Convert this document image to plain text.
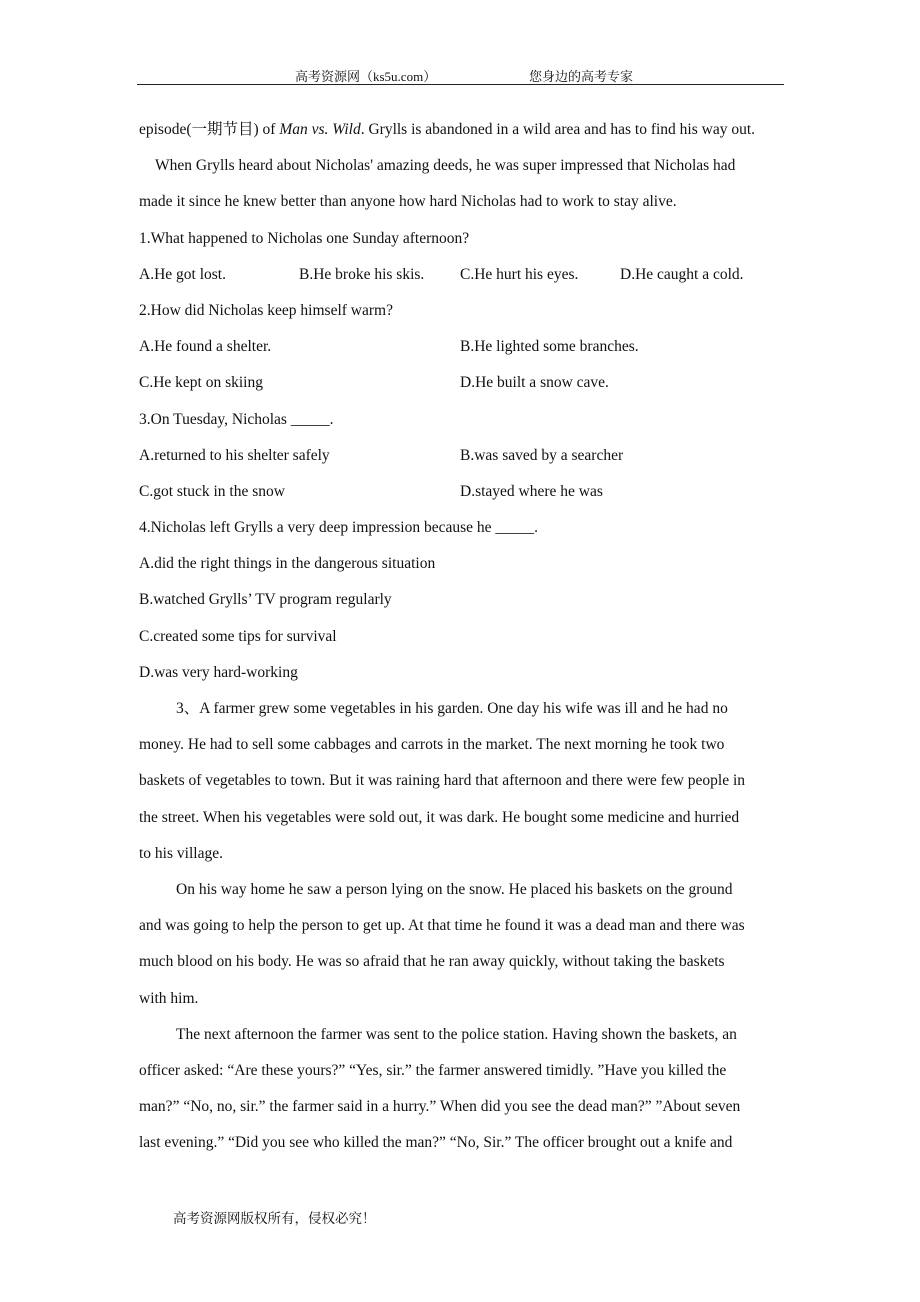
高考资源网（ks5u.com）	您身边的高考专家
episode(一期节目) of Man vs. Wild. Grylls is abandoned in a wild area and has to find his way out.
When Grylls heard about Nicholas' amazing deeds, he was super impressed that Nicholas had
made it since he knew better than anyone how hard Nicholas had to work to stay alive.
1.What happened to Nicholas one Sunday afternoon?
A.He got lost.	B.He broke his skis. C.He hurt his eyes.	D.He caught a cold.
2.How did Nicholas keep himself warm?
A.He found a shelter.	B.He lighted some branches.
C.He kept on skiing	D.He built a snow cave.
3.On Tuesday, Nicholas _____.
A.returned to his shelter safely	B.was saved by a searcher
C.got stuck in the snow	D.stayed where he was
4.Nicholas left Grylls a very deep impression because he _____.
A.did the right things in the dangerous situation
B.watched Grylls’ TV program regularly
C.created some tips for survival
D.was very hard-working
3、A farmer grew some vegetables in his garden. One day his wife was ill and he had no
money. He had to sell some cabbages and carrots in the market. The next morning he took two
baskets of vegetables to town. But it was raining hard that afternoon and there were few people in
the street. When his vegetables were sold out, it was dark. He bought some medicine and hurried
to his village.
On his way home he saw a person lying on the snow. He placed his baskets on the ground
and was going to help the person to get up. At that time he found it was a dead man and there was
much blood on his body. He was so afraid that he ran away quickly, without taking the baskets
with him.
The next afternoon the farmer was sent to the police station. Having shown the baskets, an
officer asked: “Are these yours?” “Yes, sir.” the farmer answered timidly. ”Have you killed the
man?” “No, no, sir.” the farmer said in a hurry.” When did you see the dead man?” ”About seven
last evening.” “Did you see who killed the man?” “No, Sir.” The officer brought out a knife and
高考资源网版权所有，侵权必究！
